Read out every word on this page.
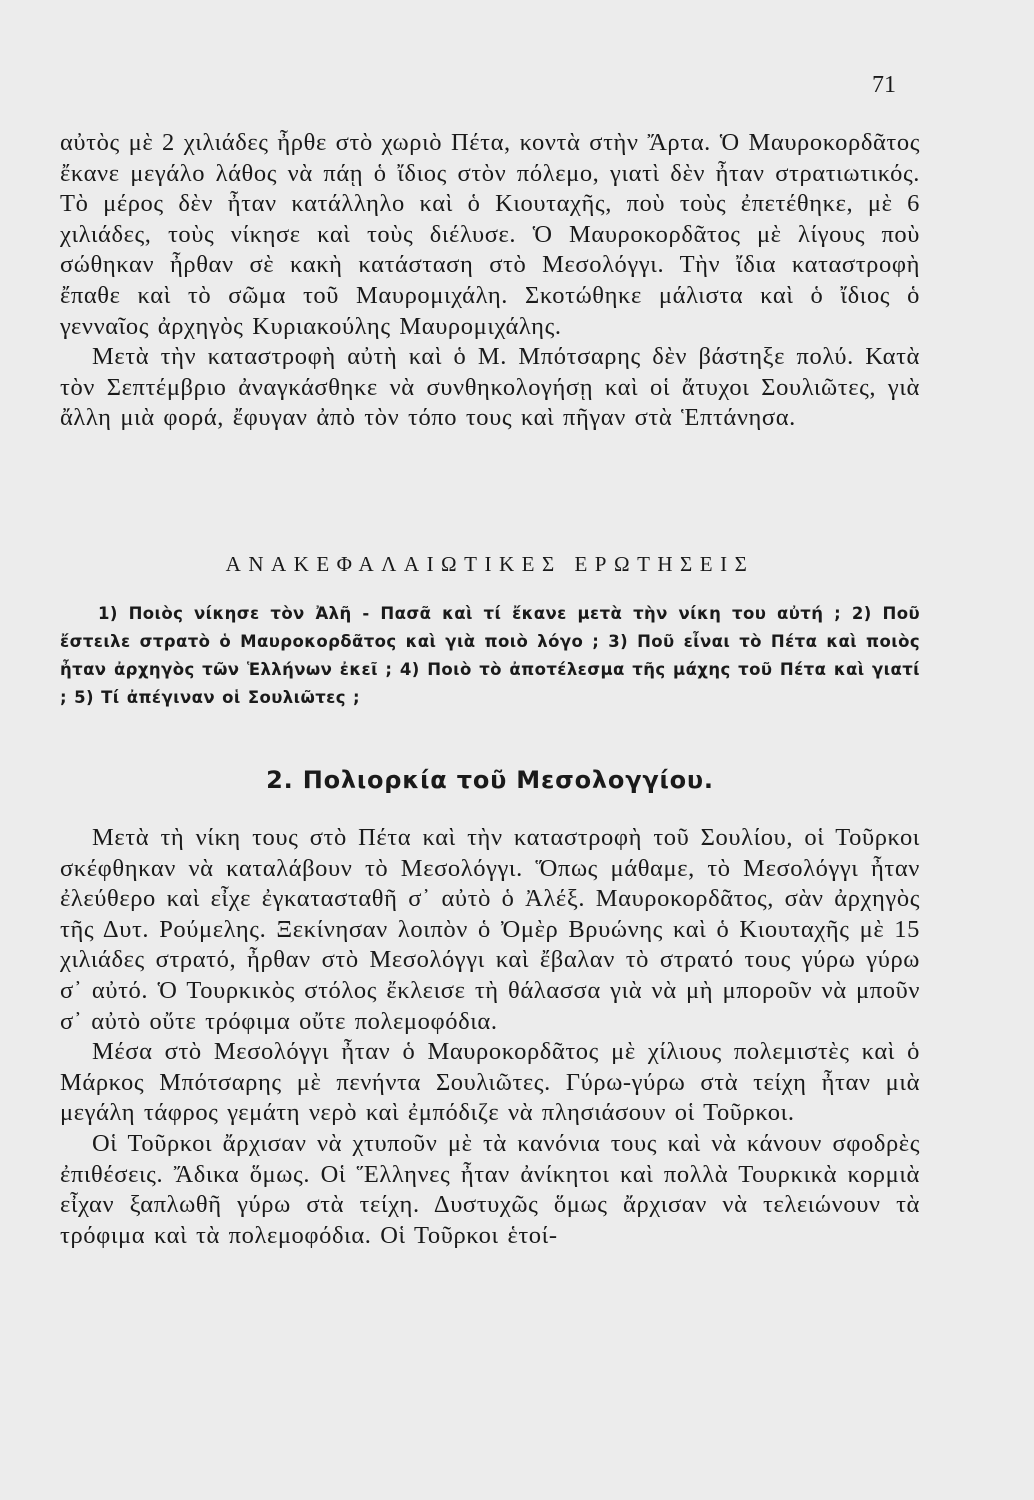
71

αὐτὸς μὲ 2 χιλιάδες ἦρθε στὸ χωριὸ Πέτα, κοντὰ στὴν Ἄρτα. Ὁ Μαυροκορδᾶτος ἔκανε μεγάλο λάθος νὰ πάῃ ὁ ἴδιος στὸν πόλεμο, γιατὶ δὲν ἦταν στρατιωτικός. Τὸ μέρος δὲν ἦταν κατάλληλο καὶ ὁ Κιουταχῆς, ποὺ τοὺς ἐπετέθηκε, μὲ 6 χιλιάδες, τοὺς νίκησε καὶ τοὺς διέλυσε. Ὁ Μαυροκορδᾶτος μὲ λίγους ποὺ σώθηκαν ἦρθαν σὲ κακὴ κατάσταση στὸ Μεσολόγγι. Τὴν ἴδια καταστροφὴ ἔπαθε καὶ τὸ σῶμα τοῦ Μαυρομιχάλη. Σκοτώθηκε μάλιστα καὶ ὁ ἴδιος ὁ γενναῖος ἀρχηγὸς Κυριακούλης Μαυρομιχάλης.

Μετὰ τὴν καταστροφὴ αὐτὴ καὶ ὁ Μ. Μπότσαρης δὲν βάστηξε πολύ. Κατὰ τὸν Σεπτέμβριο ἀναγκάσθηκε νὰ συνθηκολογήσῃ καὶ οἱ ἄτυχοι Σουλιῶτες, γιὰ ἄλλη μιὰ φορά, ἔφυγαν ἀπὸ τὸν τόπο τους καὶ πῆγαν στὰ Ἑπτάνησα.

ΑΝΑΚΕΦΑΛΑΙΩΤΙΚΕΣ ΕΡΩΤΗΣΕΙΣ
1) Ποιὸς νίκησε τὸν Ἀλῆ - Πασᾶ καὶ τί ἔκανε μετὰ τὴν νίκη του αὐτή ; 2) Ποῦ ἔστειλε στρατὸ ὁ Μαυροκορδᾶτος καὶ γιὰ ποιὸ λόγο ; 3) Ποῦ εἶναι τὸ Πέτα καὶ ποιὸς ἦταν ἀρχηγὸς τῶν Ἑλλήνων ἐκεῖ ; 4) Ποιὸ τὸ ἀποτέλεσμα τῆς μάχης τοῦ Πέτα καὶ γιατί ; 5) Τί ἀπέγιναν οἱ Σουλιῶτες ;
2. Πολιορκία τοῦ Μεσολογγίου.

Μετὰ τὴ νίκη τους στὸ Πέτα καὶ τὴν καταστροφὴ τοῦ Σουλίου, οἱ Τοῦρκοι σκέφθηκαν νὰ καταλάβουν τὸ Μεσολόγγι. Ὅπως μάθαμε, τὸ Μεσολόγγι ἦταν ἐλεύθερο καὶ εἶχε ἐγκατασταθῆ σ᾽ αὐτὸ ὁ Ἀλέξ. Μαυροκορδᾶτος, σὰν ἀρχηγὸς τῆς Δυτ. Ρούμελης. Ξεκίνησαν λοιπὸν ὁ Ὀμὲρ Βρυώνης καὶ ὁ Κιουταχῆς μὲ 15 χιλιάδες στρατό, ἦρθαν στὸ Μεσολόγγι καὶ ἔβαλαν τὸ στρατό τους γύρω γύρω σ᾽ αὐτό. Ὁ Τουρκικὸς στόλος ἔκλεισε τὴ θάλασσα γιὰ νὰ μὴ μποροῦν νὰ μποῦν σ᾽ αὐτὸ οὔτε τρόφιμα οὔτε πολεμοφόδια.

Μέσα στὸ Μεσολόγγι ἦταν ὁ Μαυροκορδᾶτος μὲ χίλιους πολεμιστὲς καὶ ὁ Μάρκος Μπότσαρης μὲ πενήντα Σουλιῶτες. Γύρω-γύρω στὰ τείχη ἦταν μιὰ μεγάλη τάφρος γεμάτη νερὸ καὶ ἐμπόδιζε νὰ πλησιάσουν οἱ Τοῦρκοι.

Οἱ Τοῦρκοι ἄρχισαν νὰ χτυποῦν μὲ τὰ κανόνια τους καὶ νὰ κάνουν σφοδρὲς ἐπιθέσεις. Ἄδικα ὅμως. Οἱ Ἕλληνες ἦταν ἀνίκητοι καὶ πολλὰ Τουρκικὰ κορμιὰ εἶχαν ξαπλωθῆ γύρω στὰ τείχη. Δυστυχῶς ὅμως ἄρχισαν νὰ τελειώνουν τὰ τρόφιμα καὶ τὰ πολεμοφόδια. Οἱ Τοῦρκοι ἑτοί-
